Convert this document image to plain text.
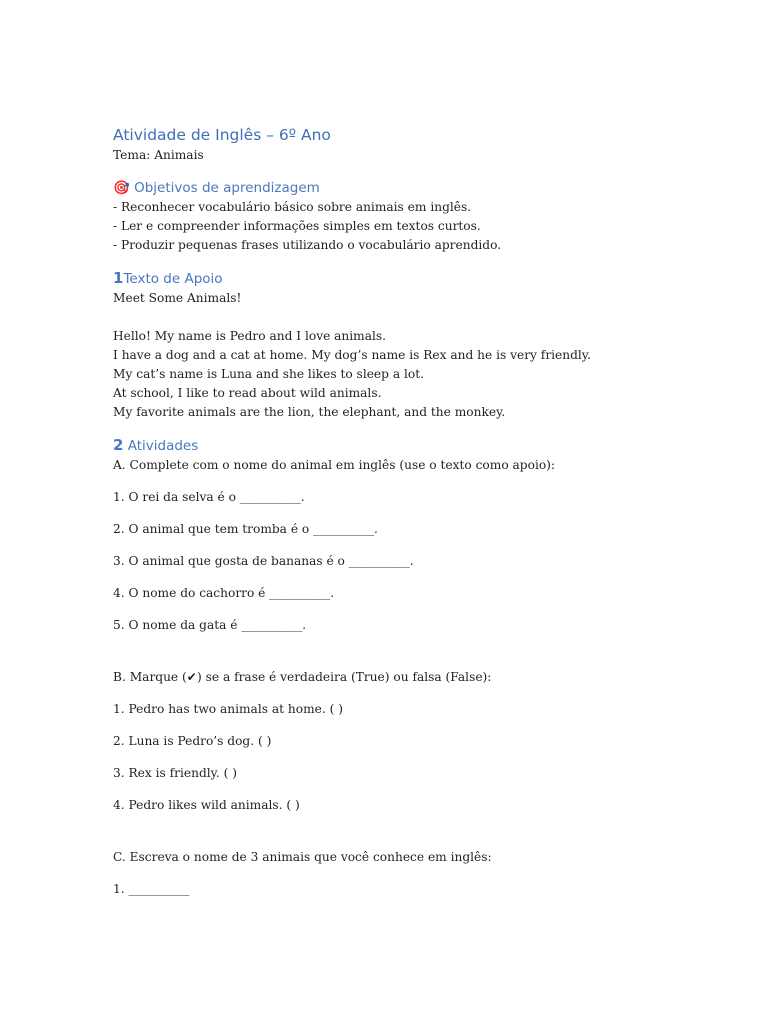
Atividade de Inglês – 6º Ano

Tema: Animais

🎯 Objetivos de aprendizagem

- Reconhecer vocabulário básico sobre animais em inglês.

- Ler e compreender informações simples em textos curtos.

- Produzir pequenas frases utilizando o vocabulário aprendido.

1Texto de Apoio

Meet Some Animals!

Hello! My name is Pedro and I love animals.

I have a dog and a cat at home. My dog’s name is Rex and he is very friendly.

My cat’s name is Luna and she likes to sleep a lot.

At school, I like to read about wild animals.

My favorite animals are the lion, the elephant, and the monkey.

2 Atividades

A. Complete com o nome do animal em inglês (use o texto como apoio):

1. O rei da selva é o __________.

2. O animal que tem tromba é o __________.

3. O animal que gosta de bananas é o __________.

4. O nome do cachorro é __________.

5. O nome da gata é __________.

B. Marque (✔) se a frase é verdadeira (True) ou falsa (False):

1. Pedro has two animals at home. ( )

2. Luna is Pedro’s dog. ( )

3. Rex is friendly. ( )

4. Pedro likes wild animals. ( )

C. Escreva o nome de 3 animais que você conhece em inglês:

1. __________
